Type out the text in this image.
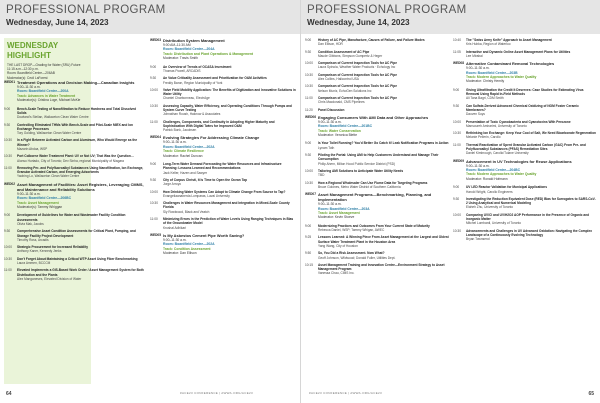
PROFESSIONAL PROGRAM
Wednesday, June 14, 2023
WEDNESDAY HIGHLIGHT
THE LAST DROP—Grading for Water (SRU) Future
11:15 a.m.–12:30 p.m.
Room: Boardfield Centre—206AB
Moderator(s): Cecil LaForest
WED01 Treatment Operations and Decision Making—Canadian Insights
9:00–11:30 a.m.
Room: Boardfield Centre—200A
Track: Advances in Water Treatment
Moderator(s): Cristina Loge, Michael McKie
9:00	Bench-Scale Testing of Nanofiltration to Reduce Hardness and Total Dissolved Solids
Dowland's Stellan, Wallaceton Clean Water Centre
9:30	Controlling Eliminated THMs With Bench-Scale and Pilot-Scale MIEX and Ion Exchange Processes
Tory Golding, Wallaceton Clean Water Centre
10:30	In a Fight Between Activated Carbon and Aluminum, Who Would Emerge as the Winner?
Mazarin Abdoa, WSP
10:30	Port Colborne Water Treatment Plant: UV or Not UV; That Was the Question…
Alonso Hurtado, City of Toronto; Dev Sinha, regional Municipality of Niagara
11:00	Removing Per- and Polyfluoroalkyl Substances Using Nanofiltration, Ion Exchange, Granular Activated Carbon, and Emerging Adsorbents
Yaobing Lo, Wallaceton Clean Water Centre
WED02 Asset Management of Facilities: Asset Registers, Leveraging CMMS, and Maintenance and Reliability Solutions
9:00–11:30 a.m.
Room: Boardfield Centre—206BC
Track: Asset Management
Moderator(s): Tammy Whiggan
9:00	Development of Guidelines for Water and Wastewater Facility Condition Assessments
Olivia Mak, Jacobs
9:30	Comprehensive Asset Condition Assessments for Critical Plant, Pumping, and Storage Facility Project Development
Timothy Ross, Arcadis
10:00	Strategic Procurement for Increased Reliability
Anthony Kaner, Kennedy Jenks
10:30	Don't Forget About Maintaining a Critical WTP Asset Using Fiber Benchmarking
Laura Ammen, BCCCM
11:00	Elevated Implements a GIS-Based Work Order / Asset Management System for Both Distribution and the Plants
Alex Manganeses, Elevated Division of Water
WED03 Distribution System Management
9:00 AM–11:30 AM
Room: Boardfield Centre—204A
Track: Distribution and Plant Operations & Management
Moderator: Travis Smith
9:00	An Overview of Trends of OCASA Investment
Thomas Powell, ARCADIS
9:30	An Value Criticality Assessment and Prioritization for O&M Activities
Freddy Baron, Region Municipality of York
10:00	Valve Field Mobility Application: The Benefits of Digitization and Innovative Solutions in Water Utility
Chantel Charbonneau, ElectrAge
10:30	Assessing Capacity, Water Efficiency, and Operating Conditions Through Pumps and System Curve Testing
Johnathan Roush, Halcrow & Associates
11:00	Challenges, Components, and Continuity in Adopting Higher Maturity and Sophistication With Digital Twins for Improved O&M
Patrick Bonk, Jacobsen
WED04 Evolving Strategies For Addressing Climate Change
9:00–11:30 a.m.
Room: Boardfield Centre—202A
Track: Climate Resilience
Moderator: Rachel Duncan
9:00	Long-Term Water Demand Forecasting for Water Resources and Infrastructure Planning: Lessons Learned and Recommendations
Jack Keller, Hazen and Sawyer
9:30	City of Corpus Christi, It Is Time to Open the Ocean Tap
Jorge Arroyo
10:00	How Drinking Water Systems Can Adapt to Climate Change From Source to Tap?
Evangeliaanaberda Lomparas, Laval University
10:30	Challenges in Water Resources Management and Integration in Mixed-Scale County Florida
Sly Rowlwood, Black and Veatch
11:00	Minimizing Errors in the Prediction of Water Levels Using Ranging Techniques in Bias of the Groundwater Model
Krushal Adhikari
WED05 Is My Asbestos Cement Pipe Worth Saving?
9:00–11:30 a.m.
Room: Boardfield Centre—202A
Track: Condition Assessment
Moderator: Dan Ellison
64	#ACE23 CONFERENCE | AWWA.ORG/ACE23
PROFESSIONAL PROGRAM
Wednesday, June 14, 2023
9:00	History of AC Pipe, Manufacture, Causes of Failure, and Failure Modes
Dan Ellison, HDR
9:30	Condition Assessment of AC Pipe
Maude Gibbons, Simpson Gumpertz & Heger
10:00	Comparison of Current Inspection Tools for AC Pipe
Laura Spinola, Weather Water Products · Echology Inc
10:30	Comparison of Current Inspection Tools for AC Pipe
Alex Collins, Halicontrol USA
10:30	Comparison of Current Inspection Tools for AC Pipe
Nelson Muniz, EchoGen Solutions Inc
11:00	Comparison of Current Inspection Tools for AC Pipe
Chris Macdonald, CMS Pipelines
11:20	Panel Discussion
WED06 Engaging Consumers With AMI Data and Other Approaches
9:00–11:30 a.m.
Room: Boardfield Centre—201BC
Track: Water Conservation
Moderator: Veronica Blette
9:00	Is Your Toilet Running? You'd Better Go Catch It! Leak Notification Programs in Action
Lynam Toth
9:30	Piloting the Portal: Using AMI to Help Customers Understand and Manage Their Consumption
Philip Ahern, Milton Hood Public Service District (PSD)
10:00	Tailoring AMI Solutions to Anticipate Water Utility Needs
TBD
10:30	How a Regional Wholesaler Can Use Flume Data for Targeting Programs
Bruce Goldnes, Metro Water District of Southern California
WED07 Asset Management Programs—Benchmarking, Planning, and Implementation
9:00–11:30 a.m.
Room: Boardfield Centre—203A
Track: Asset Management
Moderator: Kevin Stoeve
9:00	Modernizing Practices and Outcomes From Your Current State of Maturity
Rebecca Daniel, WSP; Tammy Whigan, AWEC
9:25	Lessons Learned: A Winning Piece From Asset Management at the Largest and Oldest Surface Water Treatment Plant in the Houston Area
Yang Wang, City of Houston
9:50	So, You Did a Risk Assessment. Now What?
Geoff Johnson, Wildwood; Donald Fuller, Utilities Dept.
10:15	Asset Management Training and Innovation Centre—Environment Strategy to Asset Management Program
Vanessa Chau, CIMS Inc.
10:40	The "Swiss Army Knife" Approach to Asset Management
Kris Hubka, Region of Waterloo
11:05	Interactive and Dynamic Online Asset Management Plans for Utilities
Lee Mirabal
WED08 Alternative Contaminant Removal Technologies
9:00–11:30 a.m.
Room: Boardfield Centre—203B
Track: Modern Approaches to Water Quality
Moderator: Christy Hemily
9:00	Giving Ultrafiltration the Credit It Deserves: Case Studies for Estimating Virus Removal Using Rapid In-Field Methods
Ali Tana Bagri, CDM Smith
9:30	Can Sulfate-Derived Advanced Chemical Oxidizing of NOM Foster Ceramic Membranes?
Daoven Suyu
10:00	Presentation of Toxic Cyanobacteria and Cyanotoxins With Perozone
Mansoureh Amirarimi, University of Toronto
10:30	Rethinking Ion Exchange: Keep Your Cool of Salt, We Need Bicarbonate Regeneration
Melanie Pellerin, Carollo
11:00	Thermal Reactivation of Spent Granular Activated Carbon (GAC) From Per- and Polyfluoroalkyl Substances (PFAS) Remediation Sites
Daniel Kimbrough, Carollo/Tulane University
WED09 Advancement in UV Technologies for Reuse Applications
9:00–11:30 a.m.
Room: Boardfield Centre—204BC
Track: Modern Approaches to Water Quality
Moderator: Ronald Hofmann
9:00	UV LED Reactor Validation for Municipal Applications
Harold Wright, Carollo Engineers
9:30	Investigating the Reduction Equivalent Dose (RED) Bias for Surrogates to SARS-CoV-2 Using Analytical and Numerical Modeling
Elaheh Zhu, University of Toronto
10:00	Comparing UV/Cl and UV/H2O2 AOP Performance in the Presence of Organic and Inorganic Matter
Mitchel Lombardi, University of Toronto
10:30	Advancements and Challenges in UV Advanced Oxidation: Navigating the Complex Landscape of a Continuously Evolving Technology
Bryan Townsend
#ACE23 CONFERENCE | AWWA.ORG/ACE23	65
